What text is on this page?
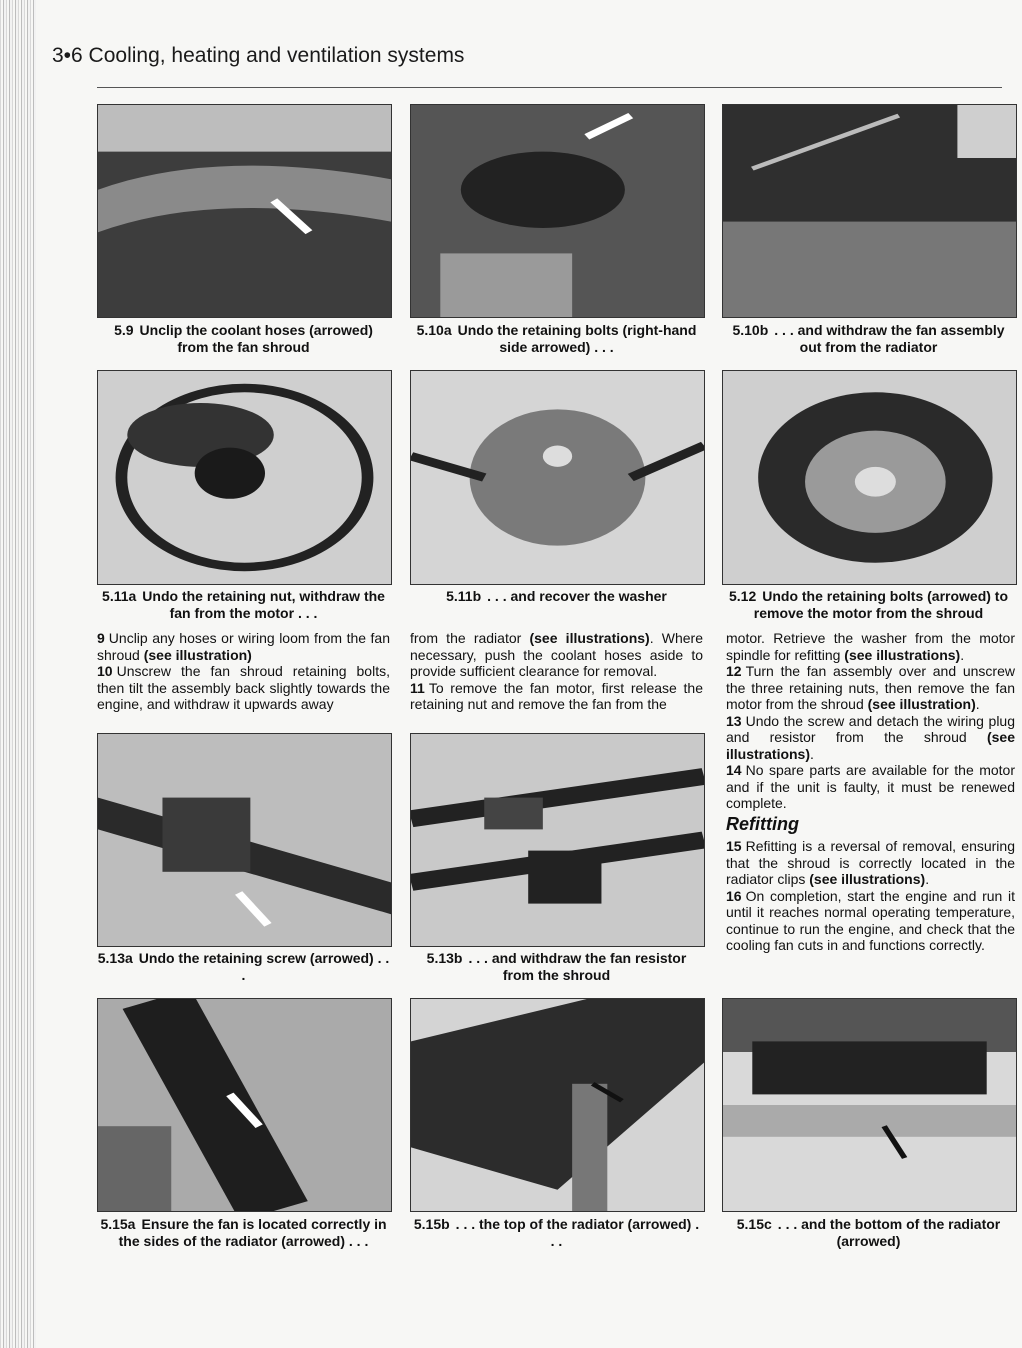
3•6 Cooling, heating and ventilation systems
5.9 Unclip the coolant hoses (arrowed) from the fan shroud
5.10a Undo the retaining bolts (right-hand side arrowed) . . .
5.10b . . . and withdraw the fan assembly out from the radiator
5.11a Undo the retaining nut, withdraw the fan from the motor . . .
5.11b . . . and recover the washer	5.12 Undo the retaining bolts (arrowed) to remove the motor from the shroud

9 Unclip any hoses or wiring loom from the fan shroud (see illustration)

10 Unscrew the fan shroud retaining bolts, then tilt the assembly back slightly towards the engine, and withdraw it upwards away

from the radiator (see illustrations). Where necessary, push the coolant hoses aside to provide sufficient clearance for removal.

11 To remove the fan motor, first release the retaining nut and remove the fan from the

motor. Retrieve the washer from the motor spindle for refitting (see illustrations).

12 Turn the fan assembly over and unscrew the three retaining nuts, then remove the fan motor from the shroud (see illustration).

13 Undo the screw and detach the wiring plug and resistor from the shroud (see illustrations).

14 No spare parts are available for the motor and if the unit is faulty, it must be renewed complete.

Refitting

15 Refitting is a reversal of removal, ensuring that the shroud is correctly located in the radiator clips (see illustrations).

16 On completion, start the engine and run it until it reaches normal operating temperature, continue to run the engine, and check that the cooling fan cuts in and functions correctly.

5.13a Undo the retaining screw (arrowed) . . .
5.13b . . . and withdraw the fan resistor from the shroud
5.15a Ensure the fan is located correctly in the sides of the radiator (arrowed) . . .
5.15b . . . the top of the radiator (arrowed) . . .
5.15c . . . and the bottom of the radiator (arrowed)
